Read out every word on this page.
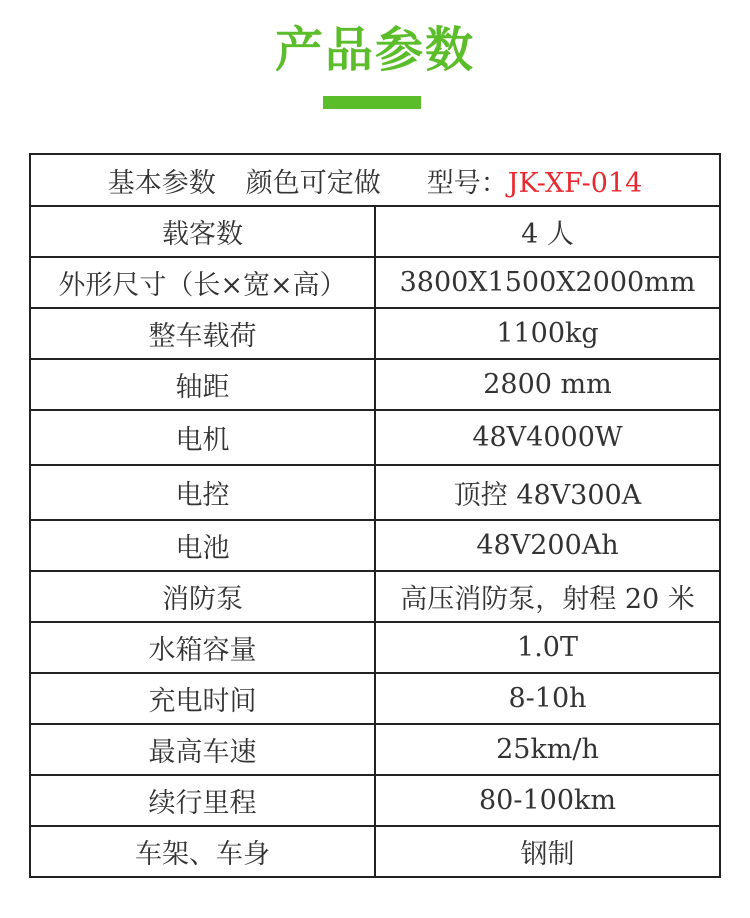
产品参数
基本参数 颜色可定做 型号：JK-XF-014	
载客数	4 人
外形尺寸（长×宽×高）	3800X1500X2000mm
整车载荷	1100kg
轴距	2800 mm
电机	48V4000W
电控	顶控 48V300A
电池	48V200Ah
消防泵	高压消防泵，射程 20 米
水箱容量	1.0T
充电时间	8-10h
最高车速	25km/h
续行里程	80-100km
车架、车身	钢制
